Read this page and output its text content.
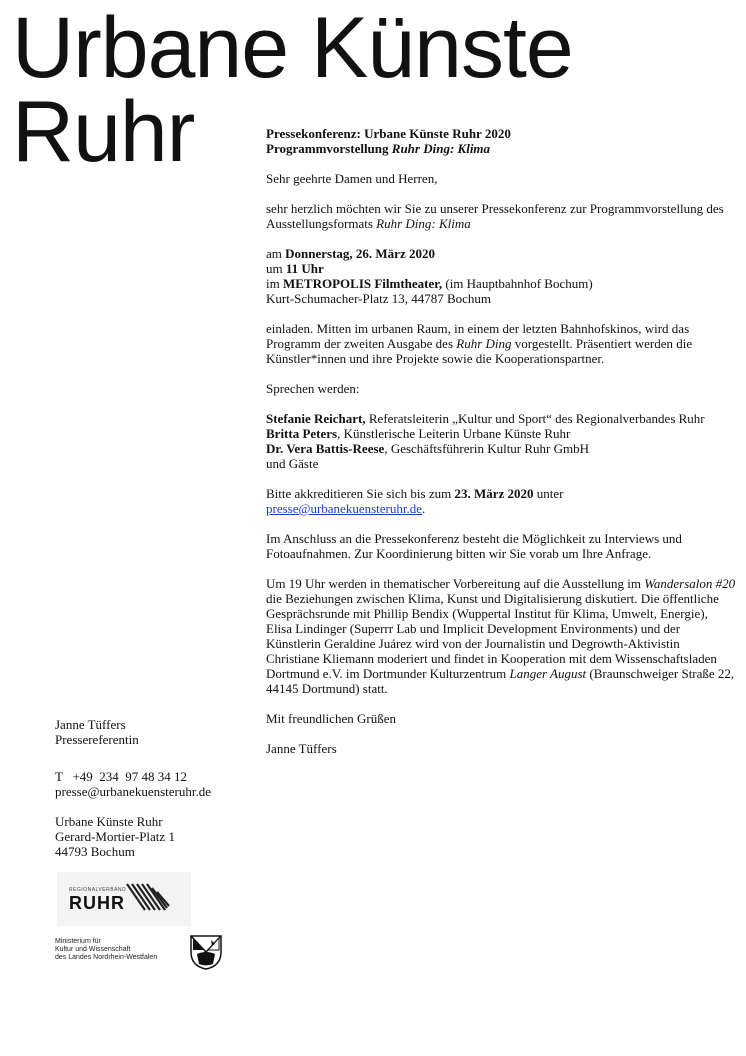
Urbane Künste
Ruhr	Pressekonferenz: Urbane Künste Ruhr 2020
Programmvorstellung Ruhr Ding: Klima

Sehr geehrte Damen und Herren,

sehr herzlich möchten wir Sie zu unserer Pressekonferenz zur Programmvorstellung des Ausstellungsformats Ruhr Ding: Klima

am Donnerstag, 26. März 2020
um 11 Uhr
im METROPOLIS Filmtheater, (im Hauptbahnhof Bochum)
Kurt-Schumacher-Platz 13, 44787 Bochum

einladen. Mitten im urbanen Raum, in einem der letzten Bahnhofskinos, wird das Programm der zweiten Ausgabe des Ruhr Ding vorgestellt. Präsentiert werden die Künstler*innen und ihre Projekte sowie die Kooperationspartner.

Sprechen werden:

Stefanie Reichart, Referatsleiterin „Kultur und Sport“ des Regionalverbandes Ruhr
Britta Peters, Künstlerische Leiterin Urbane Künste Ruhr
Dr. Vera Battis-Reese, Geschäftsführerin Kultur Ruhr GmbH
und Gäste

Bitte akkreditieren Sie sich bis zum 23. März 2020 unter
presse@urbanekuensteruhr.de.

Im Anschluss an die Pressekonferenz besteht die Möglichkeit zu Interviews und Fotoaufnahmen. Zur Koordinierung bitten wir Sie vorab um Ihre Anfrage.

Um 19 Uhr werden in thematischer Vorbereitung auf die Ausstellung im Wandersalon #20 die Beziehungen zwischen Klima, Kunst und Digitalisierung diskutiert. Die öffentliche Gesprächsrunde mit Phillip Bendix (Wuppertal Institut für Klima, Umwelt, Energie), Elisa Lindinger (Superrr Lab und Implicit Development Environments) und der Künstlerin Geraldine Juárez wird von der Journalistin und Degrowth-Aktivistin Christiane Kliemann moderiert und findet in Kooperation mit dem Wissenschaftsladen Dortmund e.V. im Dortmunder Kulturzentrum Langer August (Braunschweiger Straße 22, 44145 Dortmund) statt.

Mit freundlichen Grüßen

Janne Tüffers

Janne Tüffers
Pressereferentin
T   +49  234  97 48 34 12
presse@urbanekuensteruhr.de
Urbane Künste Ruhr
Gerard-Mortier-Platz 1
44793 Bochum
REGIONALVERBAND
RUHR
Ministerium für
Kultur und Wissenschaft
des Landes Nordrhein-Westfalen
